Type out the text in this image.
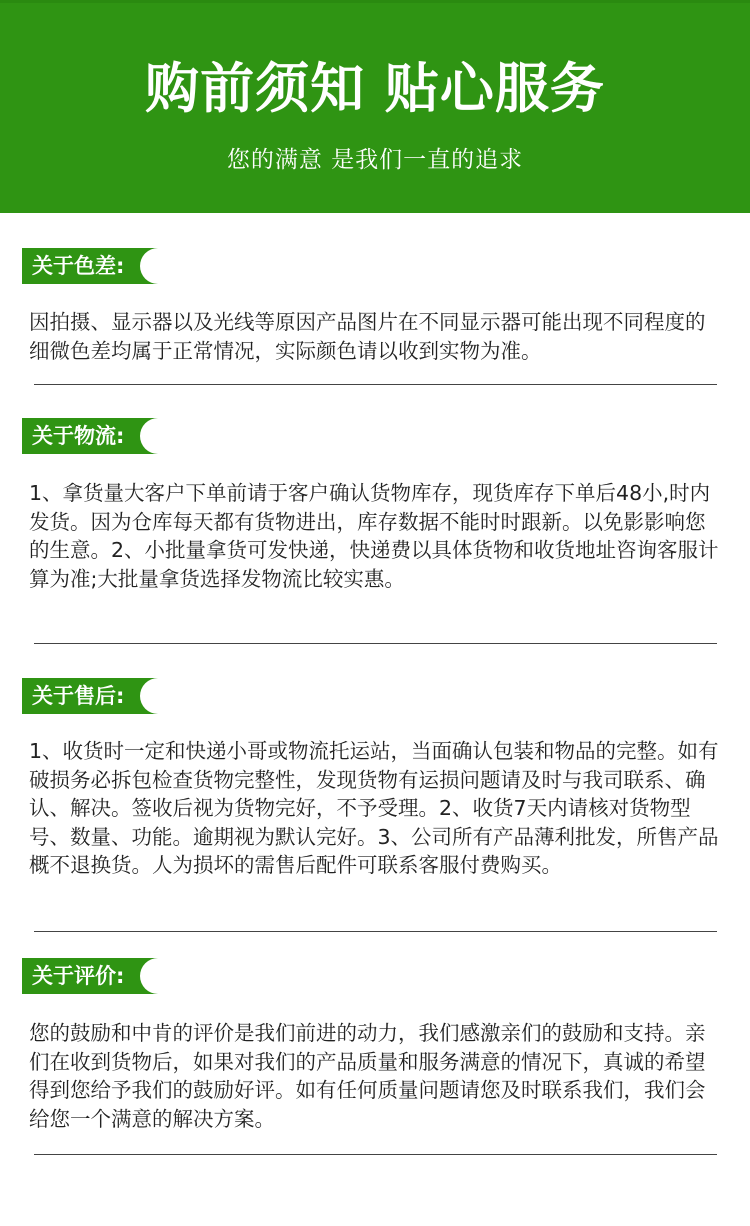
购前须知 贴心服务
您的满意 是我们一直的追求
关于色差:
因拍摄、显示器以及光线等原因产品图片在不同显示器可能出现不同程度的细微色差均属于正常情况，实际颜色请以收到实物为准。
关于物流:
1、拿货量大客户下单前请于客户确认货物库存，现货库存下单后48小,时内发货。因为仓库每天都有货物进出，库存数据不能时时跟新。以免影影响您的生意。2、小批量拿货可发快递，快递费以具体货物和收货地址咨询客服计算为准;大批量拿货选择发物流比较实惠。
关于售后:
1、收货时一定和快递小哥或物流托运站，当面确认包装和物品的完整。如有破损务必拆包检查货物完整性，发现货物有运损问题请及时与我司联系、确认、解决。签收后视为货物完好，不予受理。2、收货7天内请核对货物型号、数量、功能。逾期视为默认完好。3、公司所有产品薄利批发，所售产品概不退换货。人为损坏的需售后配件可联系客服付费购买。
关于评价:
您的鼓励和中肯的评价是我们前进的动力，我们感激亲们的鼓励和支持。亲们在收到货物后，如果对我们的产品质量和服务满意的情况下，真诚的希望得到您给予我们的鼓励好评。如有任何质量问题请您及时联系我们，我们会给您一个满意的解决方案。
